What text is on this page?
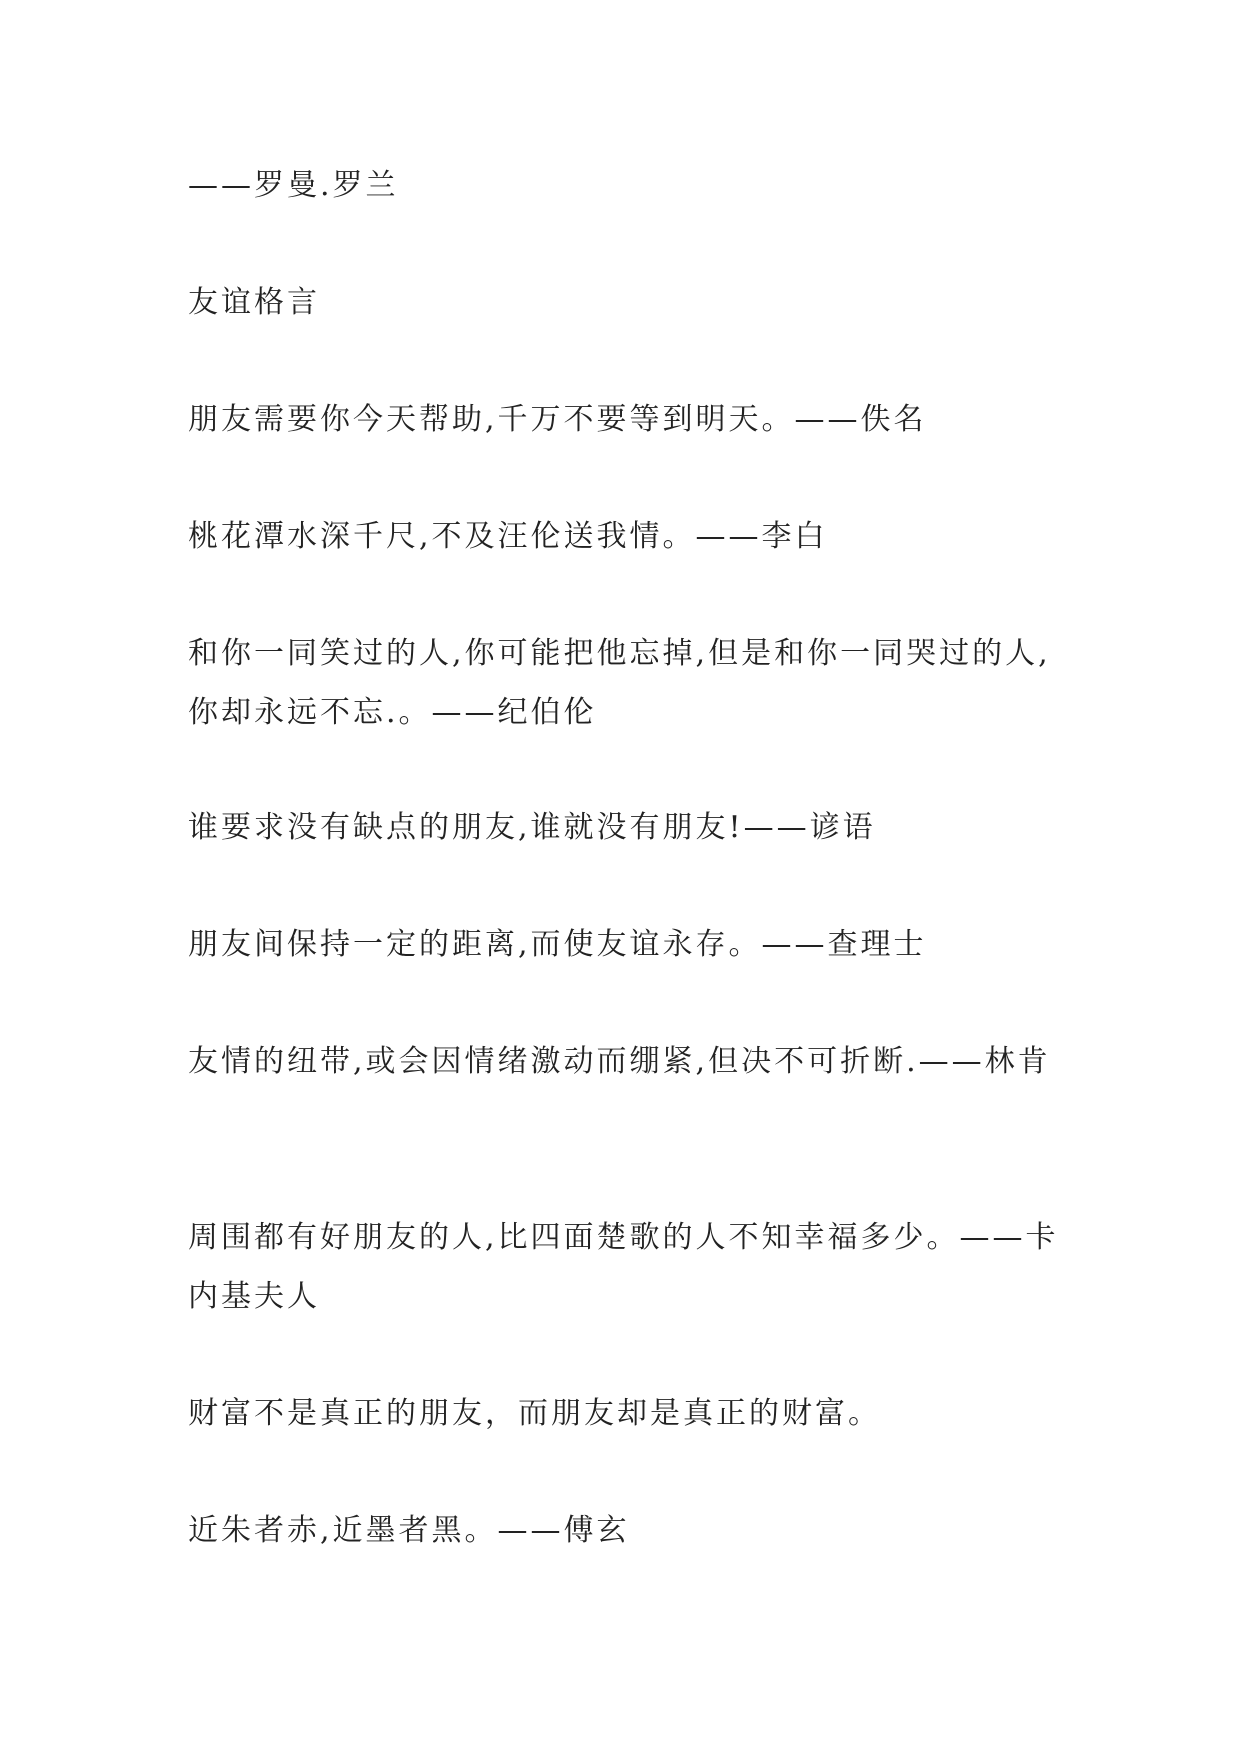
——罗曼.罗兰

友谊格言

朋友需要你今天帮助,千万不要等到明天。——佚名

桃花潭水深千尺,不及汪伦送我情。——李白

和你一同笑过的人,你可能把他忘掉,但是和你一同哭过的人,你却永远不忘.。——纪伯伦

谁要求没有缺点的朋友,谁就没有朋友!——谚语

朋友间保持一定的距离,而使友谊永存。——查理士

友情的纽带,或会因情绪激动而绷紧,但决不可折断.——林肯

周围都有好朋友的人,比四面楚歌的人不知幸福多少。——卡内基夫人

财富不是真正的朋友，而朋友却是真正的财富。

近朱者赤,近墨者黑。——傅玄
